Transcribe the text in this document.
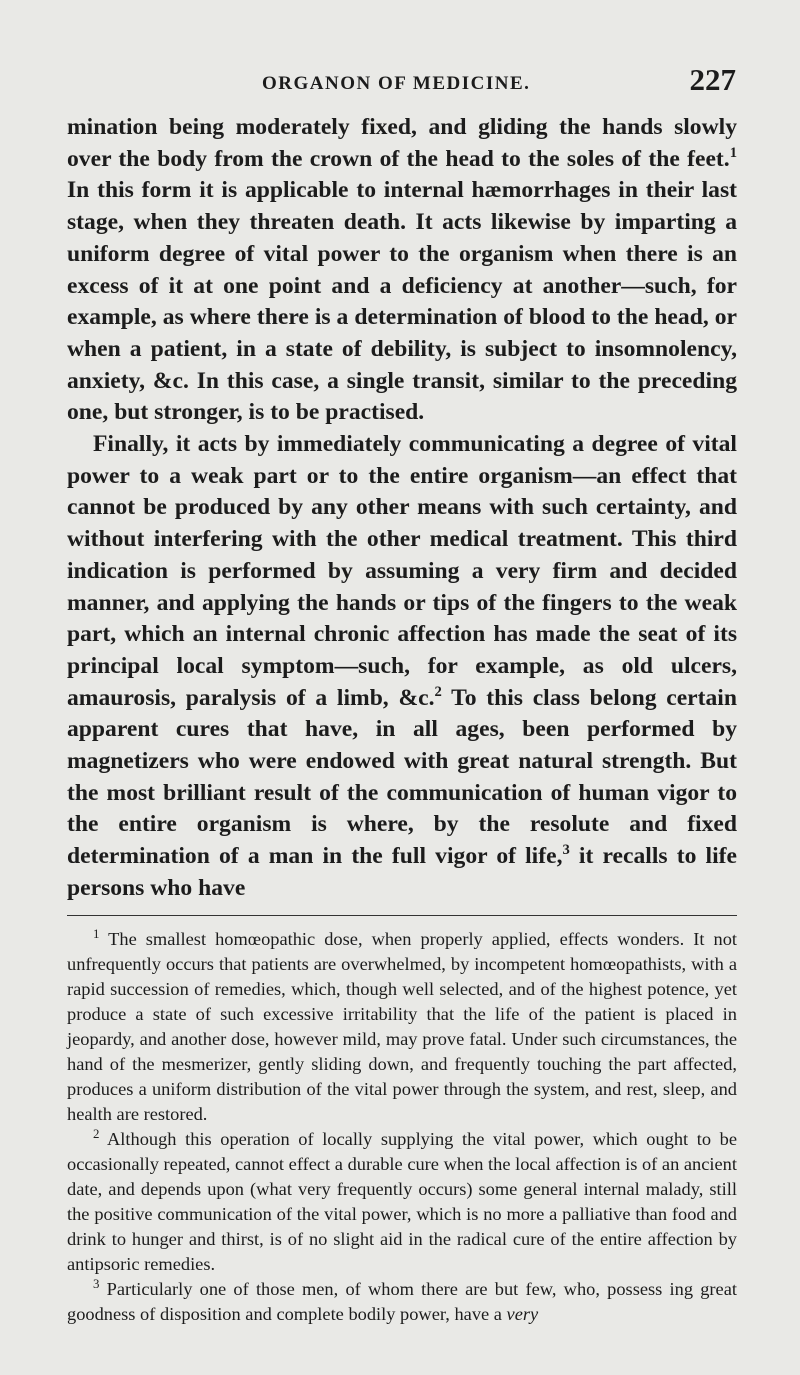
ORGANON OF MEDICINE.	227

mination being moderately fixed, and gliding the hands slowly over the body from the crown of the head to the soles of the feet.$^1$ In this form it is applicable to internal hæmorrhages in their last stage, when they threaten death. It acts likewise by imparting a uniform degree of vital power to the organism when there is an excess of it at one point and a deficiency at another—such, for example, as where there is a determination of blood to the head, or when a patient, in a state of debility, is subject to insomnolency, anxiety, &c. In this case, a single transit, similar to the preceding one, but stronger, is to be practised.

Finally, it acts by immediately communicating a degree of vital power to a weak part or to the entire organism—an effect that cannot be produced by any other means with such certainty, and without interfering with the other medical treatment. This third indication is performed by assuming a very firm and decided manner, and applying the hands or tips of the fingers to the weak part, which an internal chronic affection has made the seat of its principal local symptom—such, for example, as old ulcers, amaurosis, paralysis of a limb, &c.$^2$ To this class belong certain apparent cures that have, in all ages, been performed by magnetizers who were endowed with great natural strength. But the most brilliant result of the communication of human vigor to the entire organism is where, by the resolute and fixed determination of a man in the full vigor of life,$^3$ it recalls to life persons who have

$^1$ The smallest homœopathic dose, when properly applied, effects wonders. It not unfrequently occurs that patients are overwhelmed, by incompetent homœopathists, with a rapid succession of remedies, which, though well selected, and of the highest potence, yet produce a state of such excessive irritability that the life of the patient is placed in jeopardy, and another dose, however mild, may prove fatal. Under such circumstances, the hand of the mesmerizer, gently sliding down, and frequently touching the part affected, produces a uniform distribution of the vital power through the system, and rest, sleep, and health are restored.

$^2$ Although this operation of locally supplying the vital power, which ought to be occasionally repeated, cannot effect a durable cure when the local affection is of an ancient date, and depends upon (what very frequently occurs) some general internal malady, still the positive communication of the vital power, which is no more a palliative than food and drink to hunger and thirst, is of no slight aid in the radical cure of the entire affection by antipsoric remedies.

$^3$ Particularly one of those men, of whom there are but few, who, possess ing great goodness of disposition and complete bodily power, have a very
